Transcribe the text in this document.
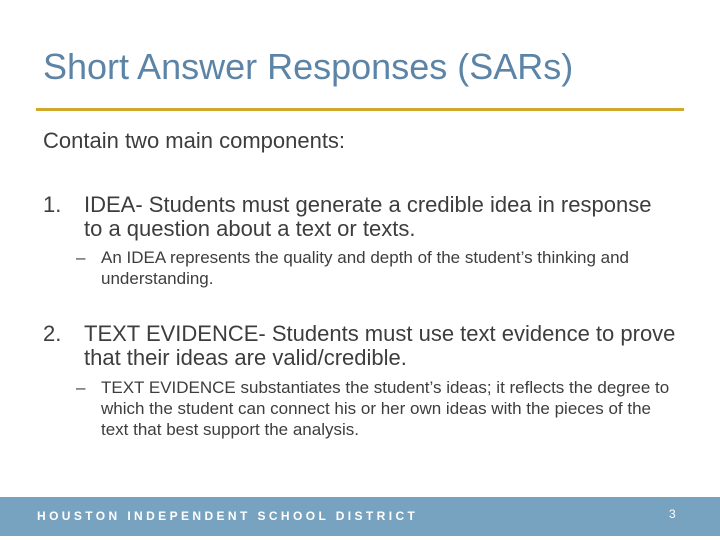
Short Answer Responses (SARs)
Contain two main components:
1. IDEA- Students must generate a credible idea in response to a question about a text or texts.
– An IDEA represents the quality and depth of the student’s thinking and understanding.
2. TEXT EVIDENCE- Students must use text evidence to prove that their ideas are valid/credible.
– TEXT EVIDENCE substantiates the student’s ideas; it reflects the degree to which the student can connect his or her own ideas with the pieces of the text that best support the analysis.
HOUSTON INDEPENDENT SCHOOL DISTRICT	3
